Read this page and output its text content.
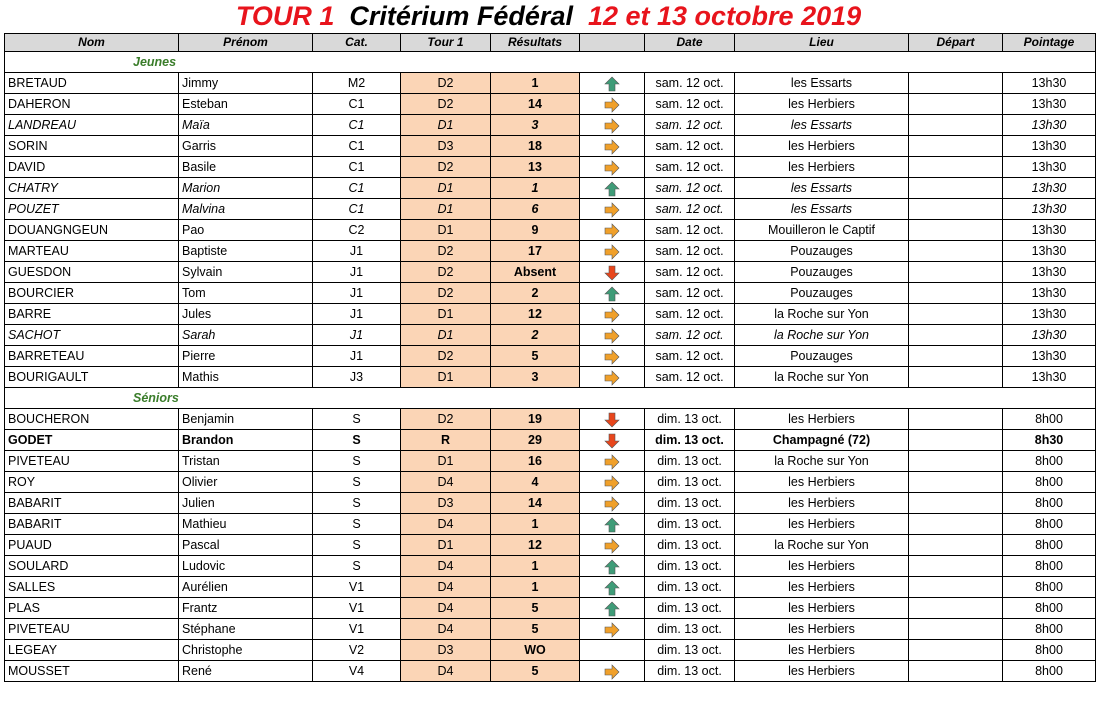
TOUR 1 Critérium Fédéral 12 et 13 octobre 2019
Nom	Prénom	Cat.	Tour 1	Résultats		Date	Lieu	Départ	Pointage
Jeunes									
BRETAUD	Jimmy	M2	D2	1		sam. 12 oct.	les Essarts		13h30
DAHERON	Esteban	C1	D2	14		sam. 12 oct.	les Herbiers		13h30
LANDREAU	Maïa	C1	D1	3		sam. 12 oct.	les Essarts		13h30
SORIN	Garris	C1	D3	18		sam. 12 oct.	les Herbiers		13h30
DAVID	Basile	C1	D2	13		sam. 12 oct.	les Herbiers		13h30
CHATRY	Marion	C1	D1	1		sam. 12 oct.	les Essarts		13h30
POUZET	Malvina	C1	D1	6		sam. 12 oct.	les Essarts		13h30
DOUANGNGEUN	Pao	C2	D1	9		sam. 12 oct.	Mouilleron le Captif		13h30
MARTEAU	Baptiste	J1	D2	17		sam. 12 oct.	Pouzauges		13h30
GUESDON	Sylvain	J1	D2	Absent		sam. 12 oct.	Pouzauges		13h30
BOURCIER	Tom	J1	D2	2		sam. 12 oct.	Pouzauges		13h30
BARRE	Jules	J1	D1	12		sam. 12 oct.	la Roche sur Yon		13h30
SACHOT	Sarah	J1	D1	2		sam. 12 oct.	la Roche sur Yon		13h30
BARRETEAU	Pierre	J1	D2	5		sam. 12 oct.	Pouzauges		13h30
BOURIGAULT	Mathis	J3	D1	3		sam. 12 oct.	la Roche sur Yon		13h30
Séniors									
BOUCHERON	Benjamin	S	D2	19		dim. 13 oct.	les Herbiers		8h00
GODET	Brandon	S	R	29		dim. 13 oct.	Champagné (72)		8h30
PIVETEAU	Tristan	S	D1	16		dim. 13 oct.	la Roche sur Yon		8h00
ROY	Olivier	S	D4	4		dim. 13 oct.	les Herbiers		8h00
BABARIT	Julien	S	D3	14		dim. 13 oct.	les Herbiers		8h00
BABARIT	Mathieu	S	D4	1		dim. 13 oct.	les Herbiers		8h00
PUAUD	Pascal	S	D1	12		dim. 13 oct.	la Roche sur Yon		8h00
SOULARD	Ludovic	S	D4	1		dim. 13 oct.	les Herbiers		8h00
SALLES	Aurélien	V1	D4	1		dim. 13 oct.	les Herbiers		8h00
PLAS	Frantz	V1	D4	5		dim. 13 oct.	les Herbiers		8h00
PIVETEAU	Stéphane	V1	D4	5		dim. 13 oct.	les Herbiers		8h00
LEGEAY	Christophe	V2	D3	WO		dim. 13 oct.	les Herbiers		8h00
MOUSSET	René	V4	D4	5		dim. 13 oct.	les Herbiers		8h00
